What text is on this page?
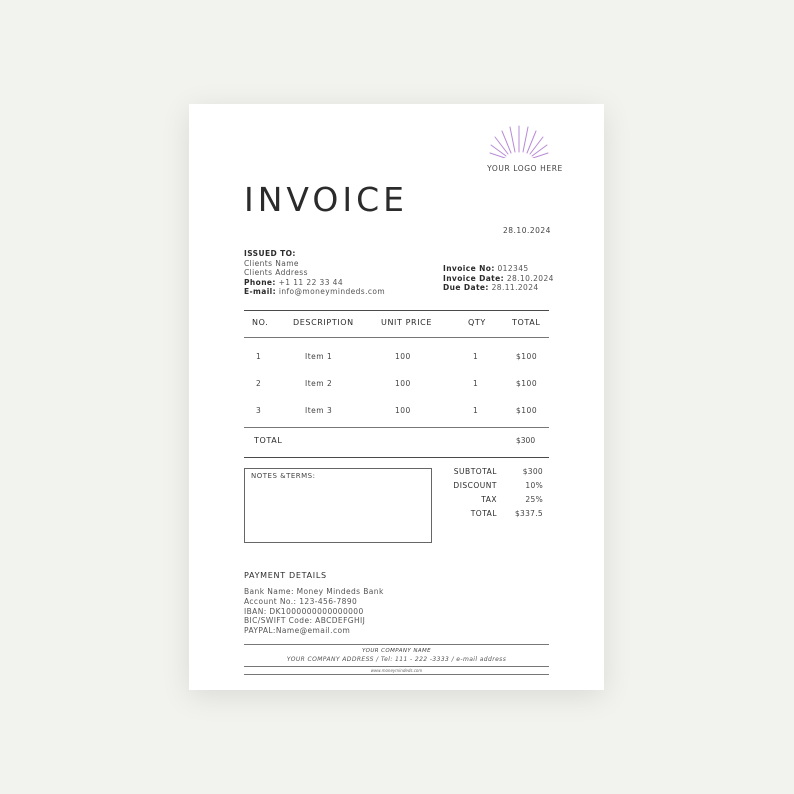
YOUR LOGO HERE
INVOICE
28.10.2024
ISSUED TO:
Clients Name
Clients Address
Phone: +1 11 22 33 44
E-mail: info@moneymindeds.com
Invoice No: 012345
Invoice Date: 28.10.2024
Due Date: 28.11.2024
NO.	DESCRIPTION	UNIT PRICE	QTY	TOTAL
1	Item 1	100	1	$100
2	Item 2	100	1	$100
3	Item 3	100	1	$100
TOTAL	$300
NOTES &TERMS:	SUBTOTAL	$300
DISCOUNT	10%
TAX	25%
TOTAL	$337.5
PAYMENT DETAILS
Bank Name: Money Mindeds Bank
Account No.: 123-456-7890
IBAN: DK1000000000000000
BIC/SWIFT Code: ABCDEFGHIJ
PAYPAL:Name@email.com
YOUR COMPANY NAME
YOUR COMPANY ADDRESS / Tel: 111 - 222 -3333 / e-mail address
www.moneymindeds.com
